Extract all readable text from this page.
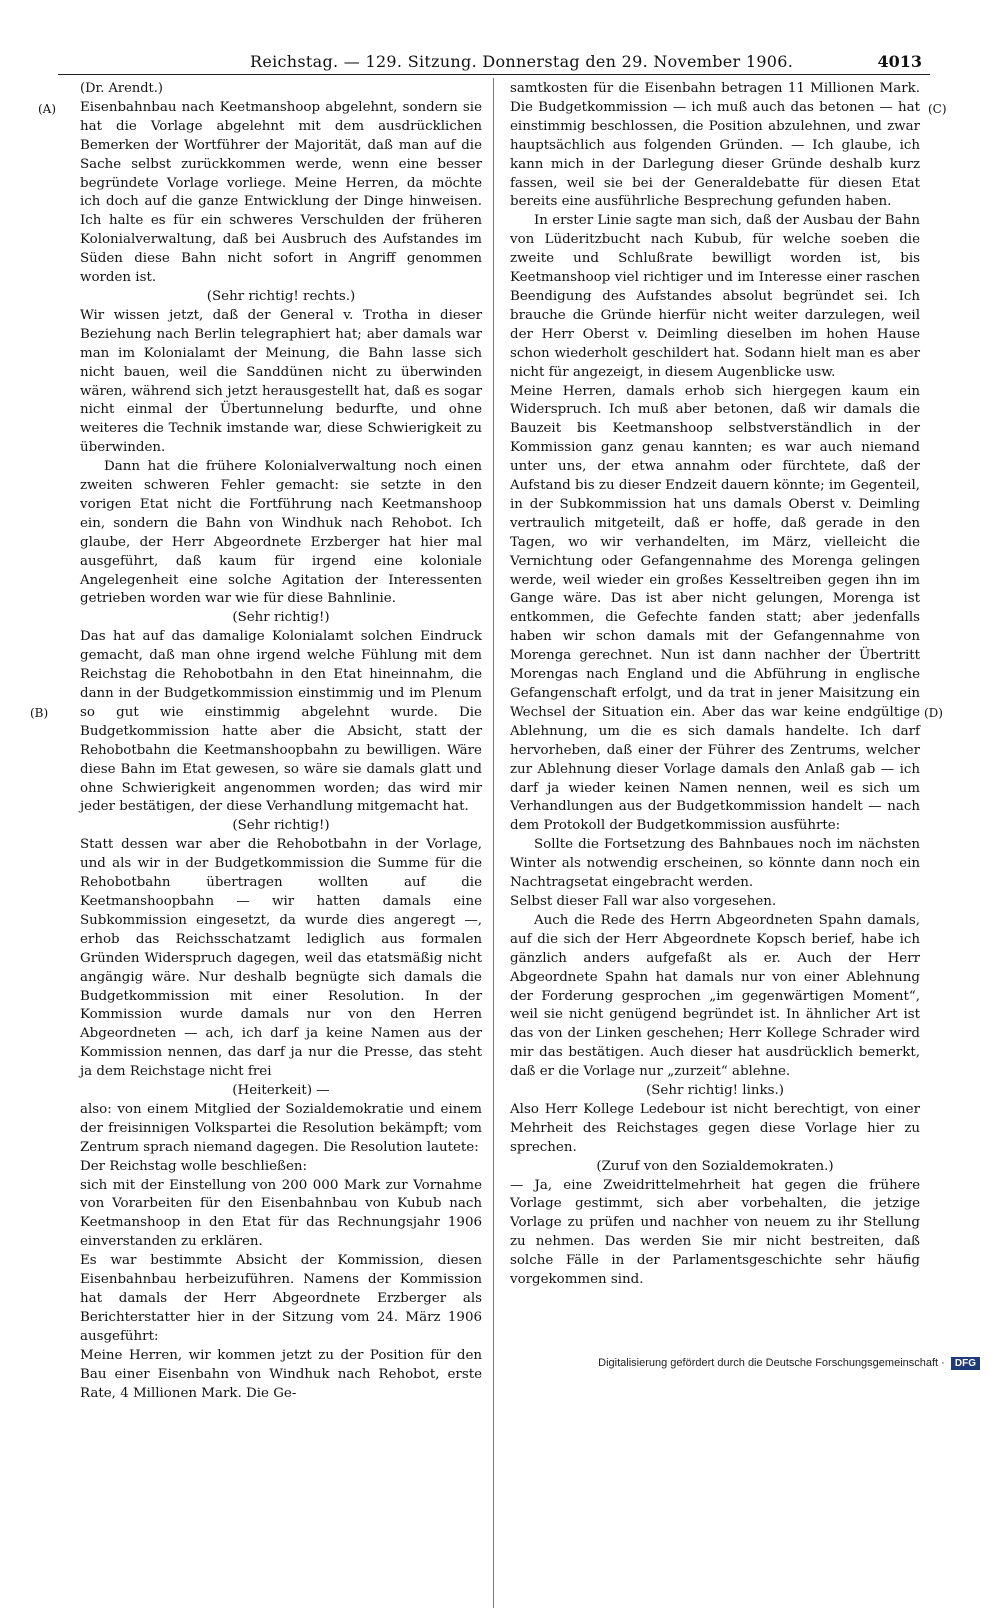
Reichstag. — 129. Sitzung. Donnerstag den 29. November 1906.	4013
(A)
(B)
(C)
(D)

(Dr. Arendt.)

Eisenbahnbau nach Keetmanshoop abgelehnt, sondern sie hat die Vorlage abgelehnt mit dem ausdrücklichen Bemerken der Wortführer der Majorität, daß man auf die Sache selbst zurückkommen werde, wenn eine besser begründete Vorlage vorliege. Meine Herren, da möchte ich doch auf die ganze Entwicklung der Dinge hinweisen. Ich halte es für ein schweres Verschulden der früheren Kolonialverwaltung, daß bei Ausbruch des Aufstandes im Süden diese Bahn nicht sofort in Angriff genommen worden ist.

(Sehr richtig! rechts.)

Wir wissen jetzt, daß der General v. Trotha in dieser Beziehung nach Berlin telegraphiert hat; aber damals war man im Kolonialamt der Meinung, die Bahn lasse sich nicht bauen, weil die Sanddünen nicht zu überwinden wären, während sich jetzt herausgestellt hat, daß es sogar nicht einmal der Übertunnelung bedurfte, und ohne weiteres die Technik imstande war, diese Schwierigkeit zu überwinden.

Dann hat die frühere Kolonialverwaltung noch einen zweiten schweren Fehler gemacht: sie setzte in den vorigen Etat nicht die Fortführung nach Keetmanshoop ein, sondern die Bahn von Windhuk nach Rehobot. Ich glaube, der Herr Abgeordnete Erzberger hat hier mal ausgeführt, daß kaum für irgend eine koloniale Angelegenheit eine solche Agitation der Interessenten getrieben worden war wie für diese Bahnlinie.

(Sehr richtig!)

Das hat auf das damalige Kolonialamt solchen Eindruck gemacht, daß man ohne irgend welche Fühlung mit dem Reichstag die Rehobotbahn in den Etat hineinnahm, die dann in der Budgetkommission einstimmig und im Plenum so gut wie einstimmig abgelehnt wurde. Die Budgetkommission hatte aber die Absicht, statt der Rehobotbahn die Keetmanshoopbahn zu bewilligen. Wäre diese Bahn im Etat gewesen, so wäre sie damals glatt und ohne Schwierigkeit angenommen worden; das wird mir jeder bestätigen, der diese Verhandlung mitgemacht hat.

(Sehr richtig!)

Statt dessen war aber die Rehobotbahn in der Vorlage, und als wir in der Budgetkommission die Summe für die Rehobotbahn übertragen wollten auf die Keetmanshoopbahn — wir hatten damals eine Subkommission eingesetzt, da wurde dies angeregt —, erhob das Reichsschatzamt lediglich aus formalen Gründen Widerspruch dagegen, weil das etatsmäßig nicht angängig wäre. Nur deshalb begnügte sich damals die Budgetkommission mit einer Resolution. In der Kommission wurde damals nur von den Herren Abgeordneten — ach, ich darf ja keine Namen aus der Kommission nennen, das darf ja nur die Presse, das steht ja dem Reichstage nicht frei

(Heiterkeit) —

also: von einem Mitglied der Sozialdemokratie und einem der freisinnigen Volkspartei die Resolution bekämpft; vom Zentrum sprach niemand dagegen. Die Resolution lautete:

Der Reichstag wolle beschließen:

sich mit der Einstellung von 200 000 Mark zur Vornahme von Vorarbeiten für den Eisenbahnbau von Kubub nach Keetmanshoop in den Etat für das Rechnungsjahr 1906 einverstanden zu erklären.

Es war bestimmte Absicht der Kommission, diesen Eisenbahnbau herbeizuführen. Namens der Kommission hat damals der Herr Abgeordnete Erzberger als Berichterstatter hier in der Sitzung vom 24. März 1906 ausgeführt:

Meine Herren, wir kommen jetzt zu der Position für den Bau einer Eisenbahn von Windhuk nach Rehobot, erste Rate, 4 Millionen Mark. Die Ge-

samtkosten für die Eisenbahn betragen 11 Millionen Mark. Die Budgetkommission — ich muß auch das betonen — hat einstimmig beschlossen, die Position abzulehnen, und zwar hauptsächlich aus folgenden Gründen. — Ich glaube, ich kann mich in der Darlegung dieser Gründe deshalb kurz fassen, weil sie bei der Generaldebatte für diesen Etat bereits eine ausführliche Besprechung gefunden haben.

In erster Linie sagte man sich, daß der Ausbau der Bahn von Lüderitzbucht nach Kubub, für welche soeben die zweite und Schlußrate bewilligt worden ist, bis Keetmanshoop viel richtiger und im Interesse einer raschen Beendigung des Aufstandes absolut begründet sei. Ich brauche die Gründe hierfür nicht weiter darzulegen, weil der Herr Oberst v. Deimling dieselben im hohen Hause schon wiederholt geschildert hat. Sodann hielt man es aber nicht für angezeigt, in diesem Augenblicke usw.

Meine Herren, damals erhob sich hiergegen kaum ein Widerspruch. Ich muß aber betonen, daß wir damals die Bauzeit bis Keetmanshoop selbstverständlich in der Kommission ganz genau kannten; es war auch niemand unter uns, der etwa annahm oder fürchtete, daß der Aufstand bis zu dieser Endzeit dauern könnte; im Gegenteil, in der Subkommission hat uns damals Oberst v. Deimling vertraulich mitgeteilt, daß er hoffe, daß gerade in den Tagen, wo wir verhandelten, im März, vielleicht die Vernichtung oder Gefangennahme des Morenga gelingen werde, weil wieder ein großes Kesseltreiben gegen ihn im Gange wäre. Das ist aber nicht gelungen, Morenga ist entkommen, die Gefechte fanden statt; aber jedenfalls haben wir schon damals mit der Gefangennahme von Morenga gerechnet. Nun ist dann nachher der Übertritt Morengas nach England und die Abführung in englische Gefangenschaft erfolgt, und da trat in jener Maisitzung ein Wechsel der Situation ein. Aber das war keine endgültige Ablehnung, um die es sich damals handelte. Ich darf hervorheben, daß einer der Führer des Zentrums, welcher zur Ablehnung dieser Vorlage damals den Anlaß gab — ich darf ja wieder keinen Namen nennen, weil es sich um Verhandlungen aus der Budgetkommission handelt — nach dem Protokoll der Budgetkommission ausführte:

Sollte die Fortsetzung des Bahnbaues noch im nächsten Winter als notwendig erscheinen, so könnte dann noch ein Nachtragsetat eingebracht werden.

Selbst dieser Fall war also vorgesehen.

Auch die Rede des Herrn Abgeordneten Spahn damals, auf die sich der Herr Abgeordnete Kopsch berief, habe ich gänzlich anders aufgefaßt als er. Auch der Herr Abgeordnete Spahn hat damals nur von einer Ablehnung der Forderung gesprochen „im gegenwärtigen Moment“, weil sie nicht genügend begründet ist. In ähnlicher Art ist das von der Linken geschehen; Herr Kollege Schrader wird mir das bestätigen. Auch dieser hat ausdrücklich bemerkt, daß er die Vorlage nur „zurzeit“ ablehne.

(Sehr richtig! links.)

Also Herr Kollege Ledebour ist nicht berechtigt, von einer Mehrheit des Reichstages gegen diese Vorlage hier zu sprechen.

(Zuruf von den Sozialdemokraten.)

— Ja, eine Zweidrittelmehrheit hat gegen die frühere Vorlage gestimmt, sich aber vorbehalten, die jetzige Vorlage zu prüfen und nachher von neuem zu ihr Stellung zu nehmen. Das werden Sie mir nicht bestreiten, daß solche Fälle in der Parlamentsgeschichte sehr häufig vorgekommen sind.

Digitalisierung gefördert durch die Deutsche Forschungsgemeinschaft · DFG
